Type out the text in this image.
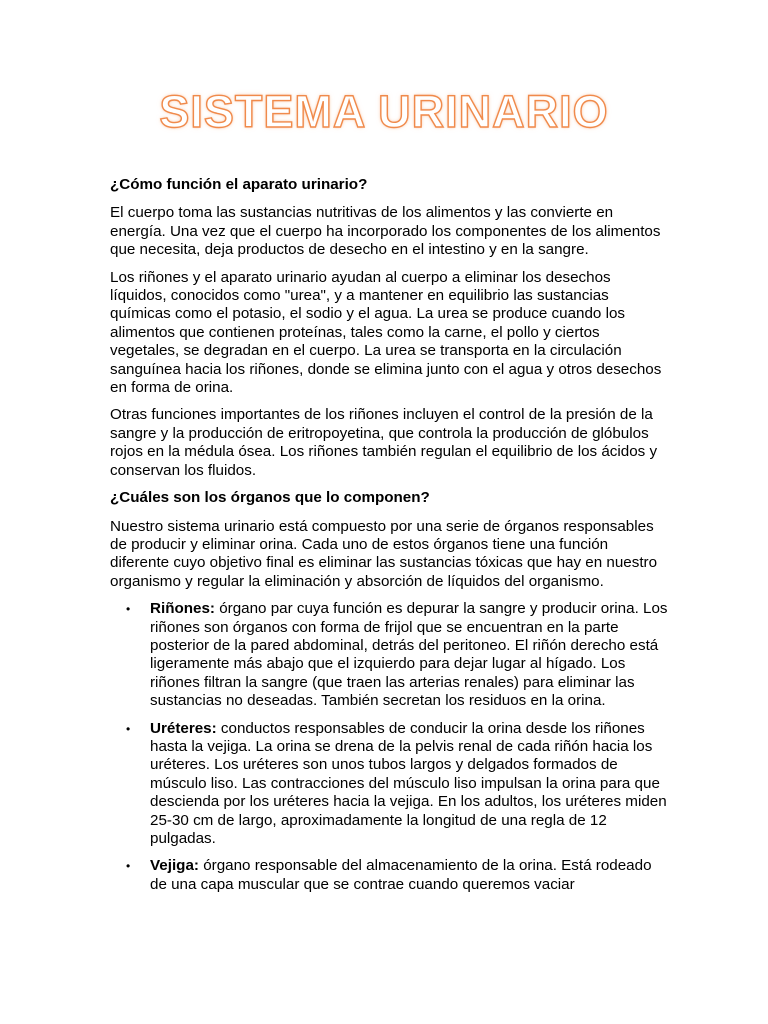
SISTEMA URINARIO

¿Cómo función el aparato urinario?

El cuerpo toma las sustancias nutritivas de los alimentos y las convierte en energía. Una vez que el cuerpo ha incorporado los componentes de los alimentos que necesita, deja productos de desecho en el intestino y en la sangre.

Los riñones y el aparato urinario ayudan al cuerpo a eliminar los desechos líquidos, conocidos como "urea", y a mantener en equilibrio las sustancias químicas como el potasio, el sodio y el agua. La urea se produce cuando los alimentos que contienen proteínas, tales como la carne, el pollo y ciertos vegetales, se degradan en el cuerpo. La urea se transporta en la circulación sanguínea hacia los riñones, donde se elimina junto con el agua y otros desechos en forma de orina.

Otras funciones importantes de los riñones incluyen el control de la presión de la sangre y la producción de eritropoyetina, que controla la producción de glóbulos rojos en la médula ósea. Los riñones también regulan el equilibrio de los ácidos y conservan los fluidos.

¿Cuáles son los órganos que lo componen?

Nuestro sistema urinario está compuesto por una serie de órganos responsables de producir y eliminar orina. Cada uno de estos órganos tiene una función diferente cuyo objetivo final es eliminar las sustancias tóxicas que hay en nuestro organismo y regular la eliminación y absorción de líquidos del organismo.

• Riñones: órgano par cuya función es depurar la sangre y producir orina. Los riñones son órganos con forma de frijol que se encuentran en la parte posterior de la pared abdominal, detrás del peritoneo. El riñón derecho está ligeramente más abajo que el izquierdo para dejar lugar al hígado. Los riñones filtran la sangre (que traen las arterias renales) para eliminar las sustancias no deseadas. También secretan los residuos en la orina.
• Uréteres: conductos responsables de conducir la orina desde los riñones hasta la vejiga. La orina se drena de la pelvis renal de cada riñón hacia los uréteres. Los uréteres son unos tubos largos y delgados formados de músculo liso. Las contracciones del músculo liso impulsan la orina para que descienda por los uréteres hacia la vejiga. En los adultos, los uréteres miden 25-30 cm de largo, aproximadamente la longitud de una regla de 12 pulgadas.
• Vejiga: órgano responsable del almacenamiento de la orina. Está rodeado de una capa muscular que se contrae cuando queremos vaciar
